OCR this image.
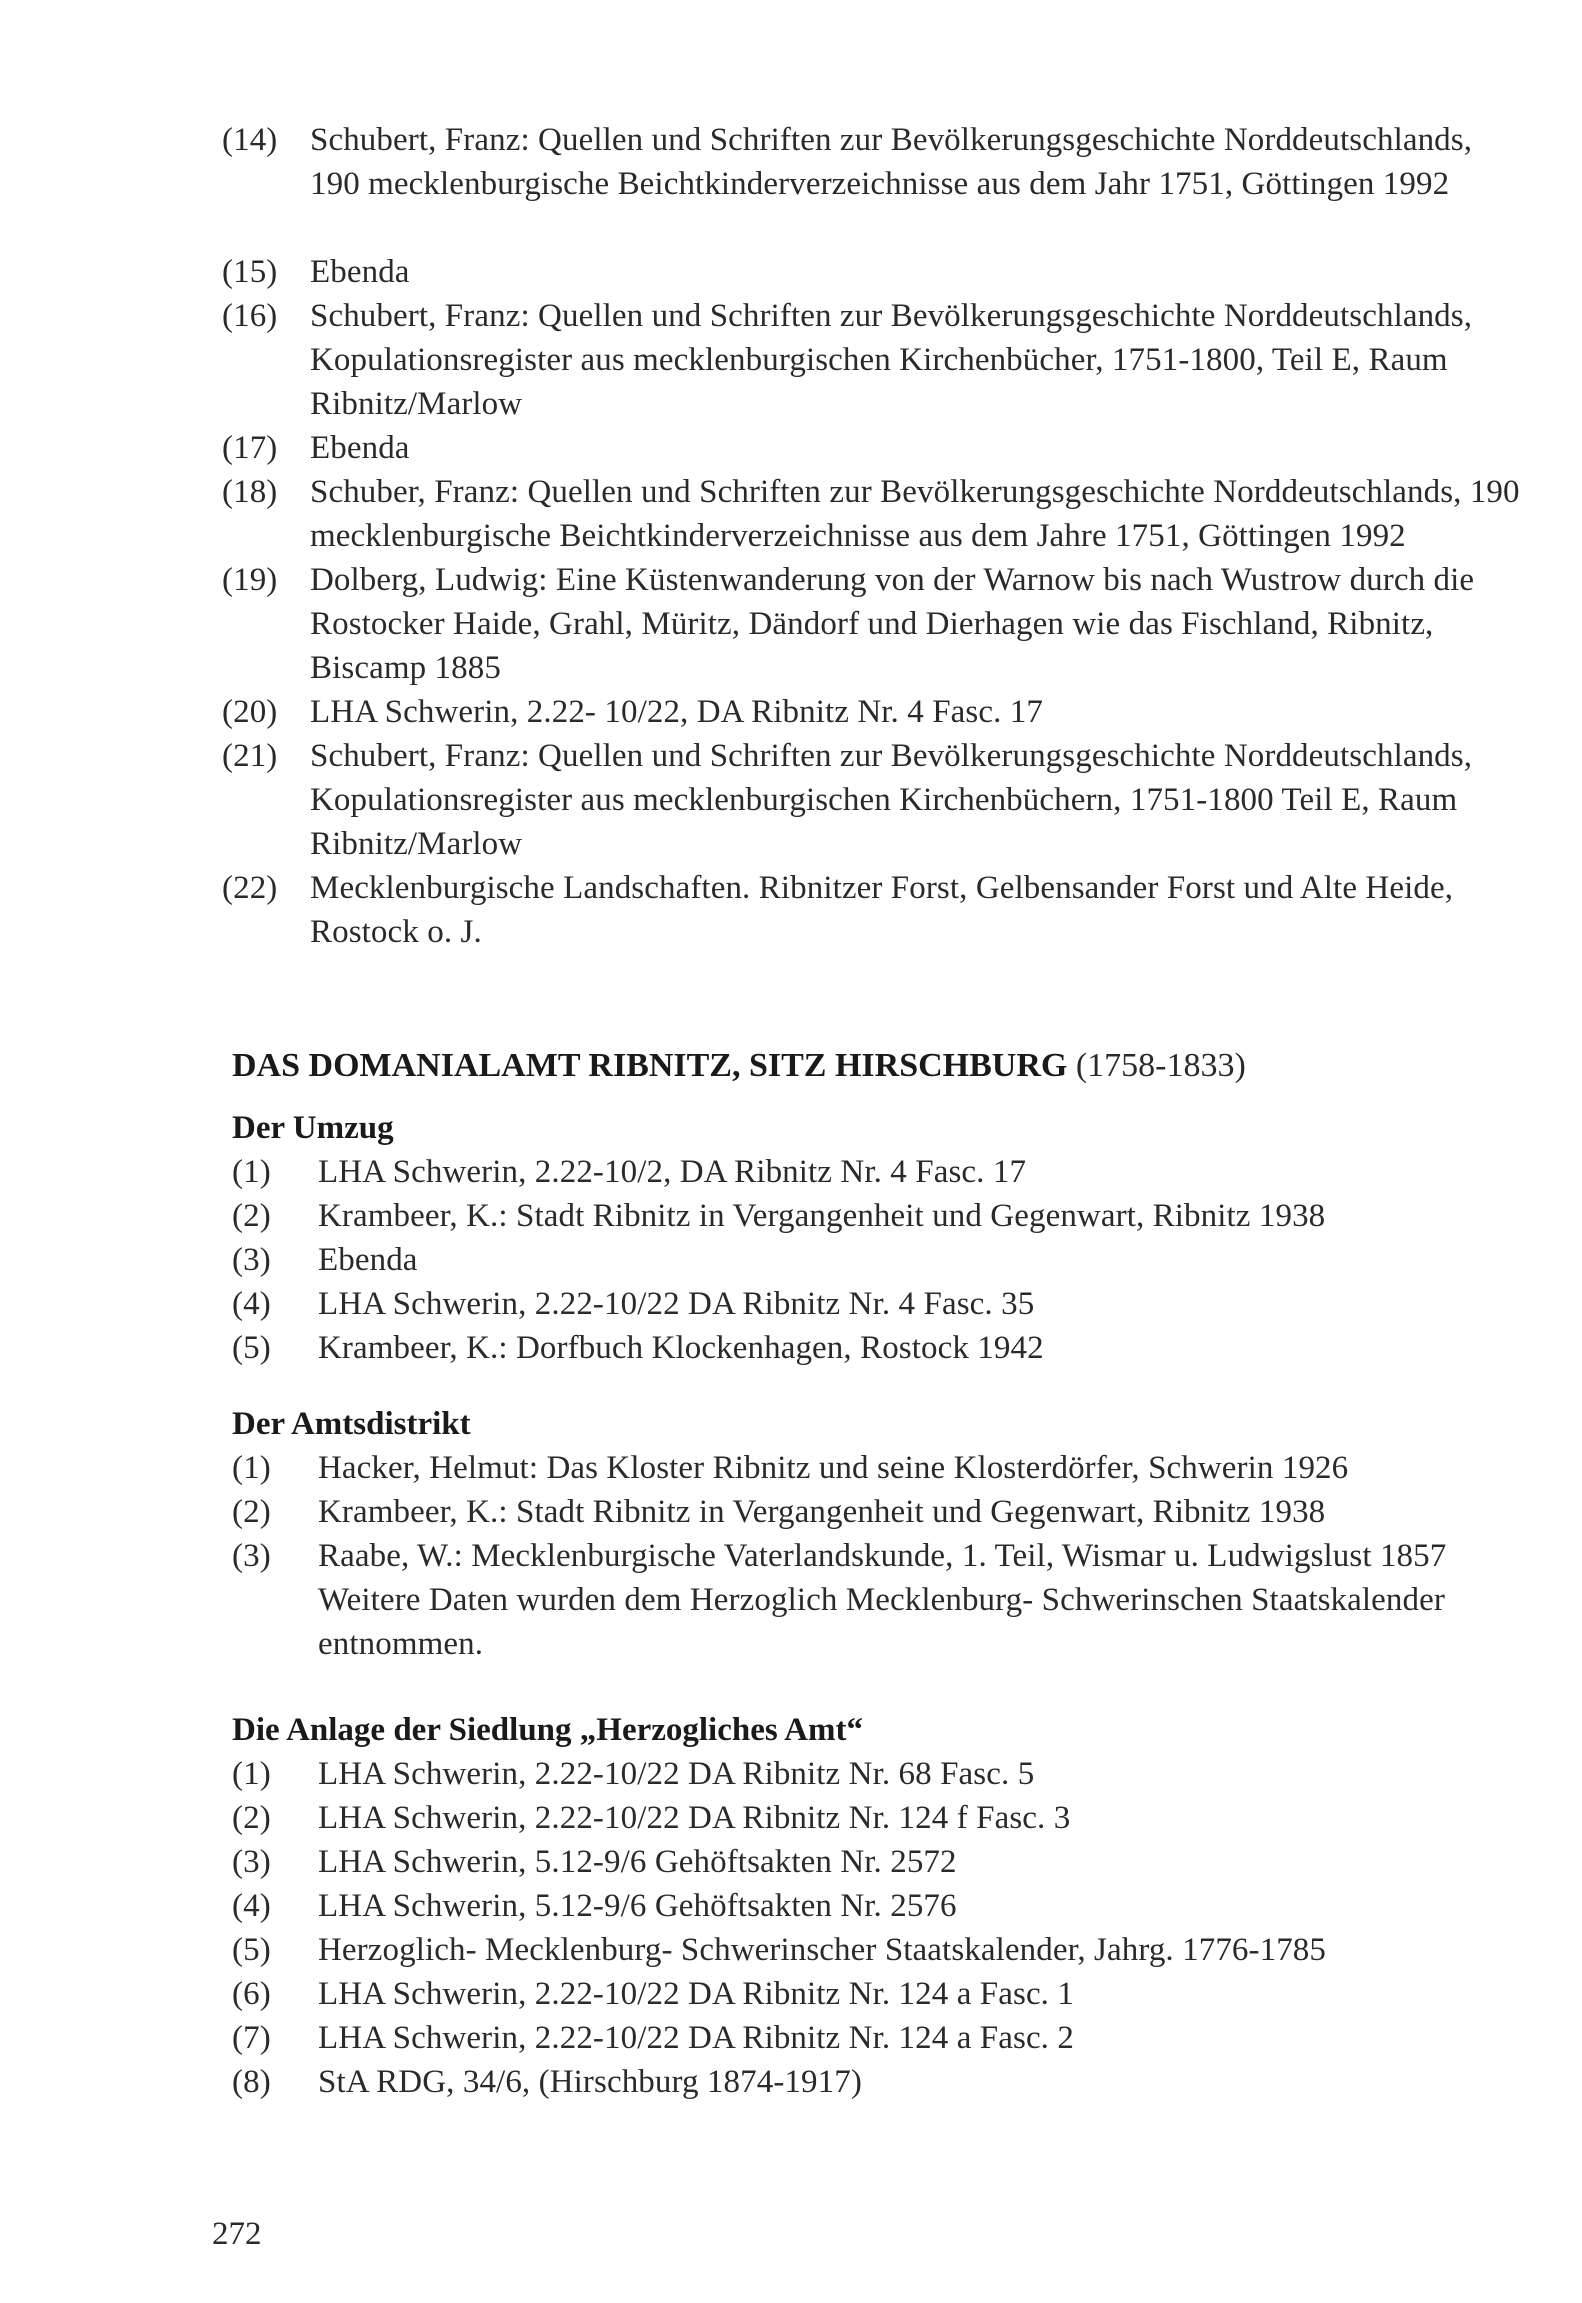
(14) Schubert, Franz: Quellen und Schriften zur Bevölkerungsgeschichte Norddeutschlands, 190 mecklenburgische Beichtkinderverzeichnisse aus dem Jahr 1751, Göttingen 1992
(15) Ebenda
(16) Schubert, Franz: Quellen und Schriften zur Bevölkerungsgeschichte Norddeutschlands, Kopulationsregister aus mecklenburgischen Kirchenbücher, 1751-1800, Teil E, Raum Ribnitz/Marlow
(17) Ebenda
(18) Schuber, Franz: Quellen und Schriften zur Bevölkerungsgeschichte Norddeutschlands, 190 mecklenburgische Beichtkinderverzeichnisse aus dem Jahre 1751, Göttingen 1992
(19) Dolberg, Ludwig: Eine Küstenwanderung von der Warnow bis nach Wustrow durch die Rostocker Haide, Grahl, Müritz, Dändorf und Dierhagen wie das Fischland, Ribnitz, Biscamp 1885
(20) LHA Schwerin, 2.22- 10/22, DA Ribnitz Nr. 4 Fasc. 17
(21) Schubert, Franz: Quellen und Schriften zur Bevölkerungsgeschichte Norddeutschlands, Kopulationsregister aus mecklenburgischen Kirchenbüchern, 1751-1800 Teil E, Raum Ribnitz/Marlow
(22) Mecklenburgische Landschaften. Ribnitzer Forst, Gelbensander Forst und Alte Heide, Rostock o. J.
DAS DOMANIALAMT RIBNITZ, SITZ HIRSCHBURG (1758-1833)
Der Umzug
(1) LHA Schwerin, 2.22-10/2, DA Ribnitz Nr. 4 Fasc. 17
(2) Krambeer, K.: Stadt Ribnitz in Vergangenheit und Gegenwart, Ribnitz 1938
(3) Ebenda
(4) LHA Schwerin, 2.22-10/22 DA Ribnitz Nr. 4 Fasc. 35
(5) Krambeer, K.: Dorfbuch Klockenhagen, Rostock 1942
Der Amtsdistrikt
(1) Hacker, Helmut: Das Kloster Ribnitz und seine Klosterdörfer, Schwerin 1926
(2) Krambeer, K.: Stadt Ribnitz in Vergangenheit und Gegenwart, Ribnitz 1938
(3) Raabe, W.: Mecklenburgische Vaterlandskunde, 1. Teil, Wismar u. Ludwigslust 1857 Weitere Daten wurden dem Herzoglich Mecklenburg- Schwerinschen Staatskalender entnommen.
Die Anlage der Siedlung „Herzogliches Amt“
(1) LHA Schwerin, 2.22-10/22 DA Ribnitz Nr. 68 Fasc. 5
(2) LHA Schwerin, 2.22-10/22 DA Ribnitz Nr. 124 f Fasc. 3
(3) LHA Schwerin, 5.12-9/6 Gehöftsakten Nr. 2572
(4) LHA Schwerin, 5.12-9/6 Gehöftsakten Nr. 2576
(5) Herzoglich- Mecklenburg- Schwerinscher Staatskalender, Jahrg. 1776-1785
(6) LHA Schwerin, 2.22-10/22 DA Ribnitz Nr. 124 a Fasc. 1
(7) LHA Schwerin, 2.22-10/22 DA Ribnitz Nr. 124 a Fasc. 2
(8) StA RDG, 34/6, (Hirschburg 1874-1917)
272
